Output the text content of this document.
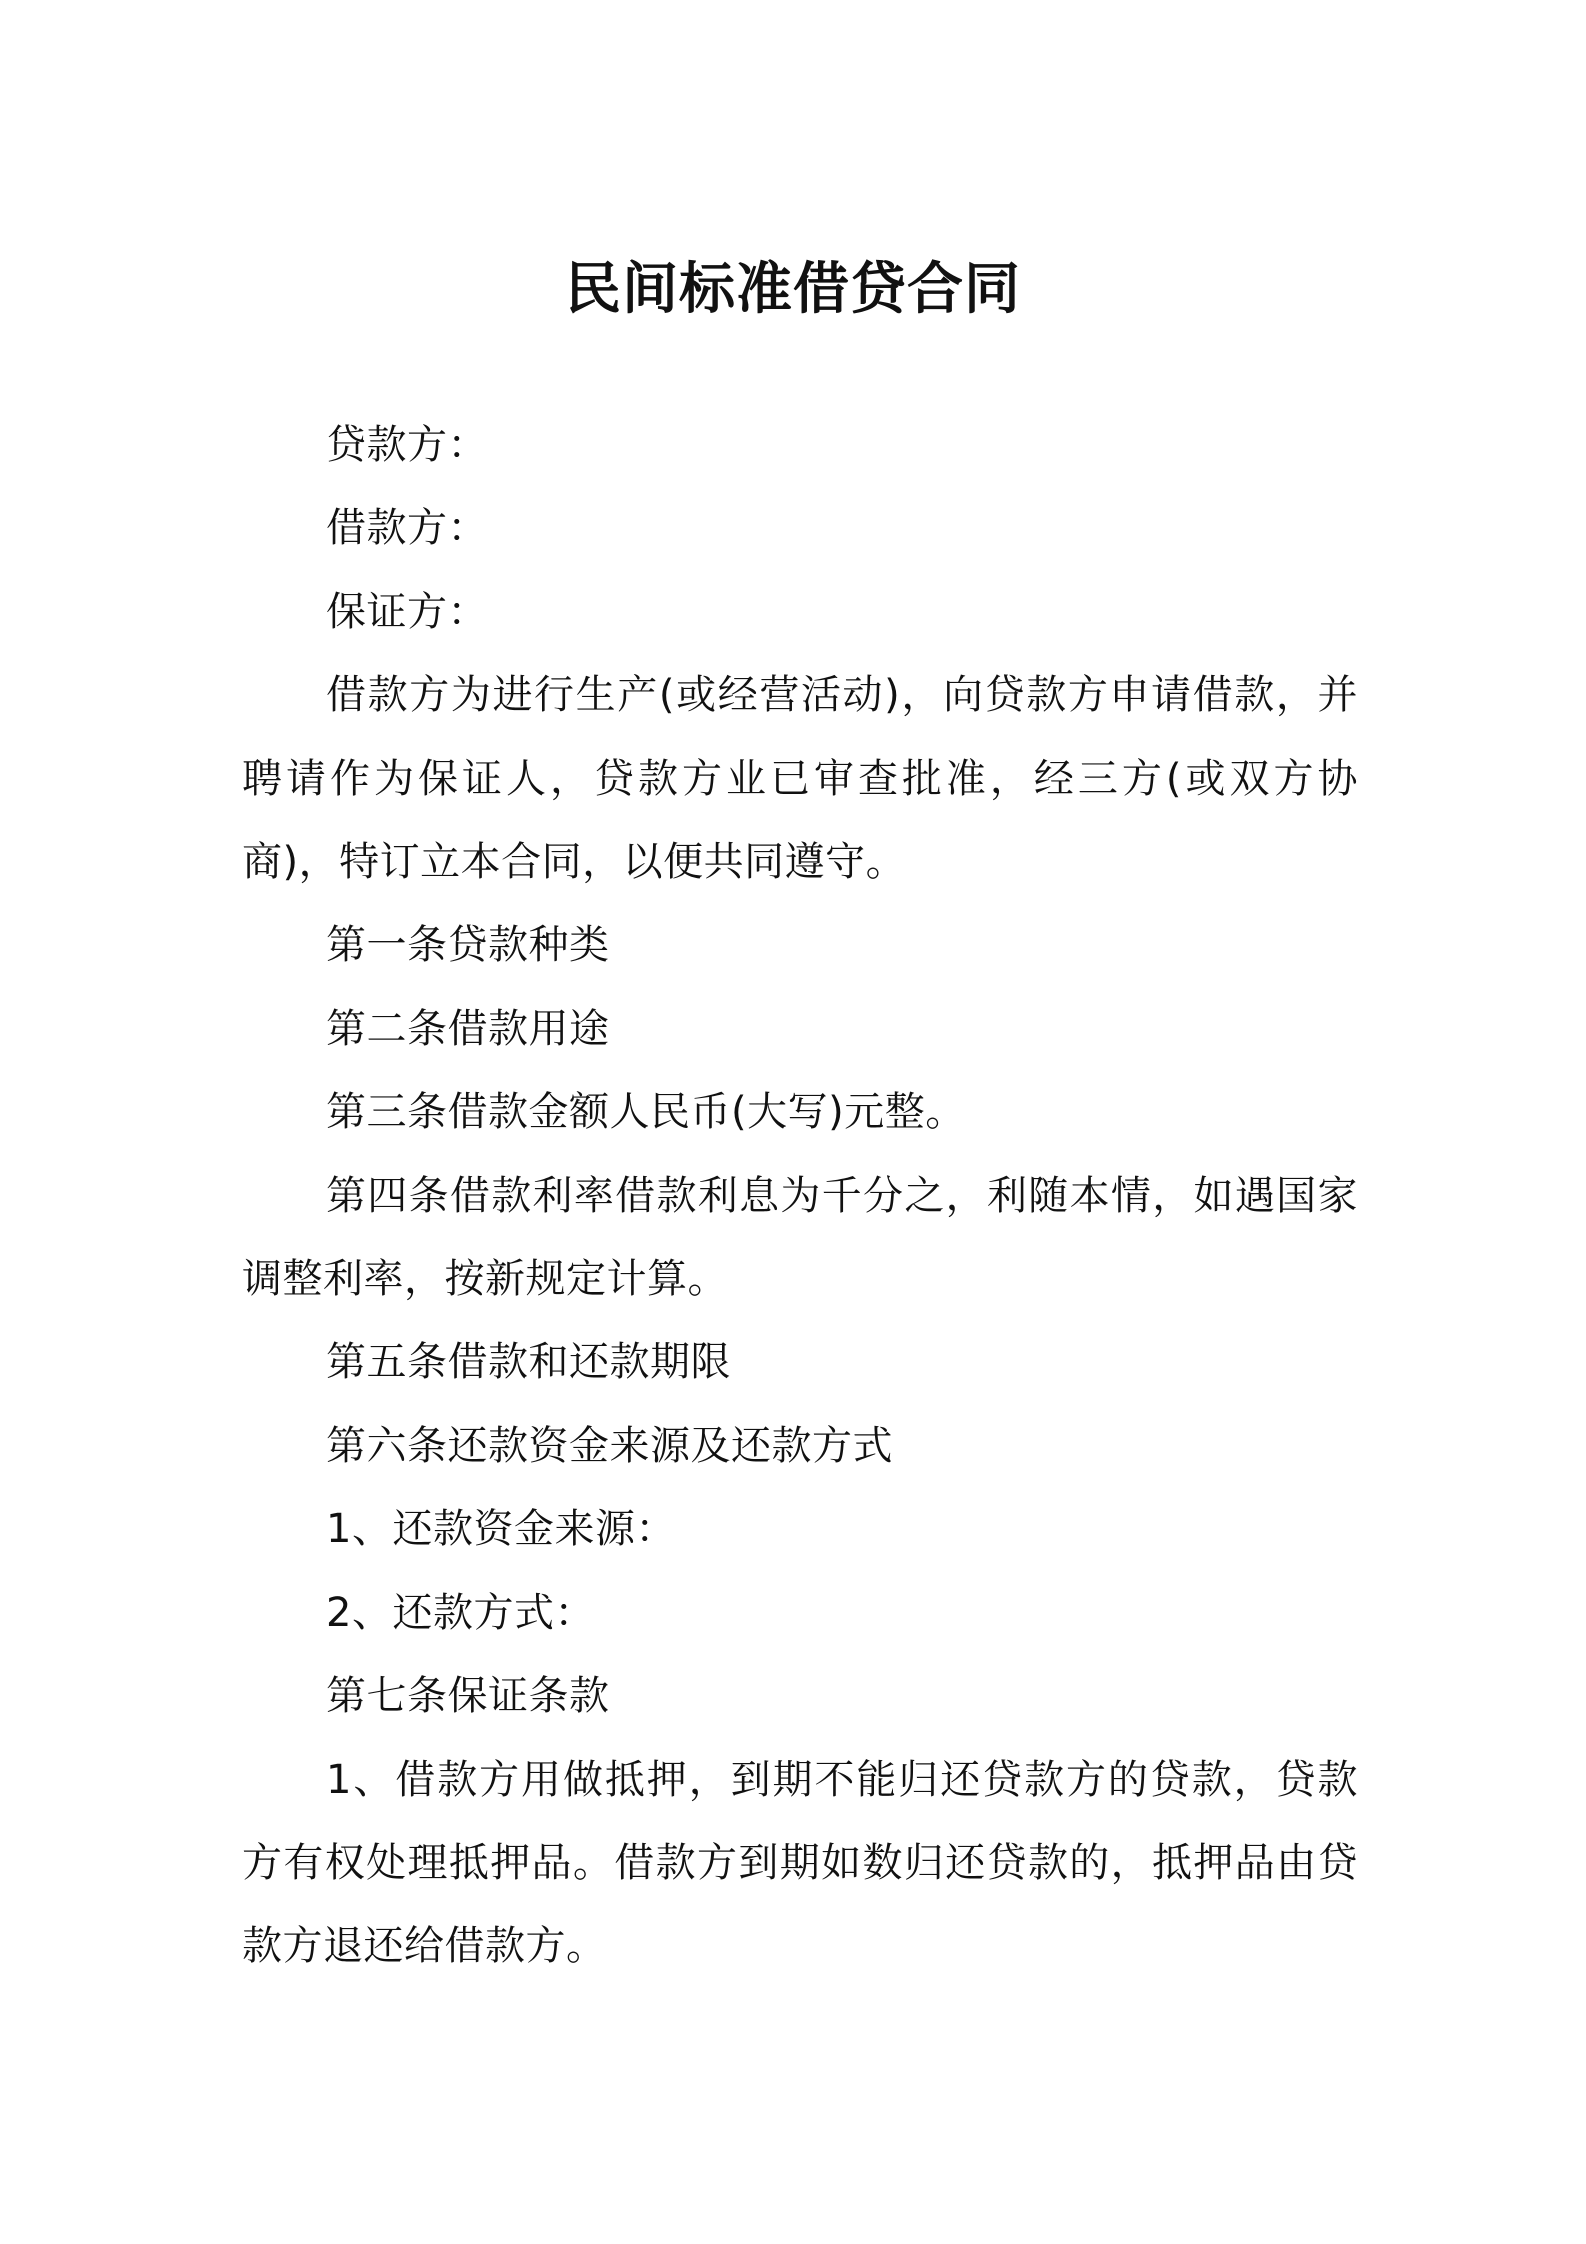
民间标准借贷合同

贷款方：

借款方：

保证方：

借款方为进行生产(或经营活动)，向贷款方申请借款，并聘请作为保证人，贷款方业已审查批准，经三方(或双方协商)，特订立本合同，以便共同遵守。

第一条贷款种类

第二条借款用途

第三条借款金额人民币(大写)元整。

第四条借款利率借款利息为千分之，利随本情，如遇国家调整利率，按新规定计算。

第五条借款和还款期限

第六条还款资金来源及还款方式

1、还款资金来源：

2、还款方式：

第七条保证条款

1、借款方用做抵押，到期不能归还贷款方的贷款，贷款方有权处理抵押品。借款方到期如数归还贷款的，抵押品由贷款方退还给借款方。
